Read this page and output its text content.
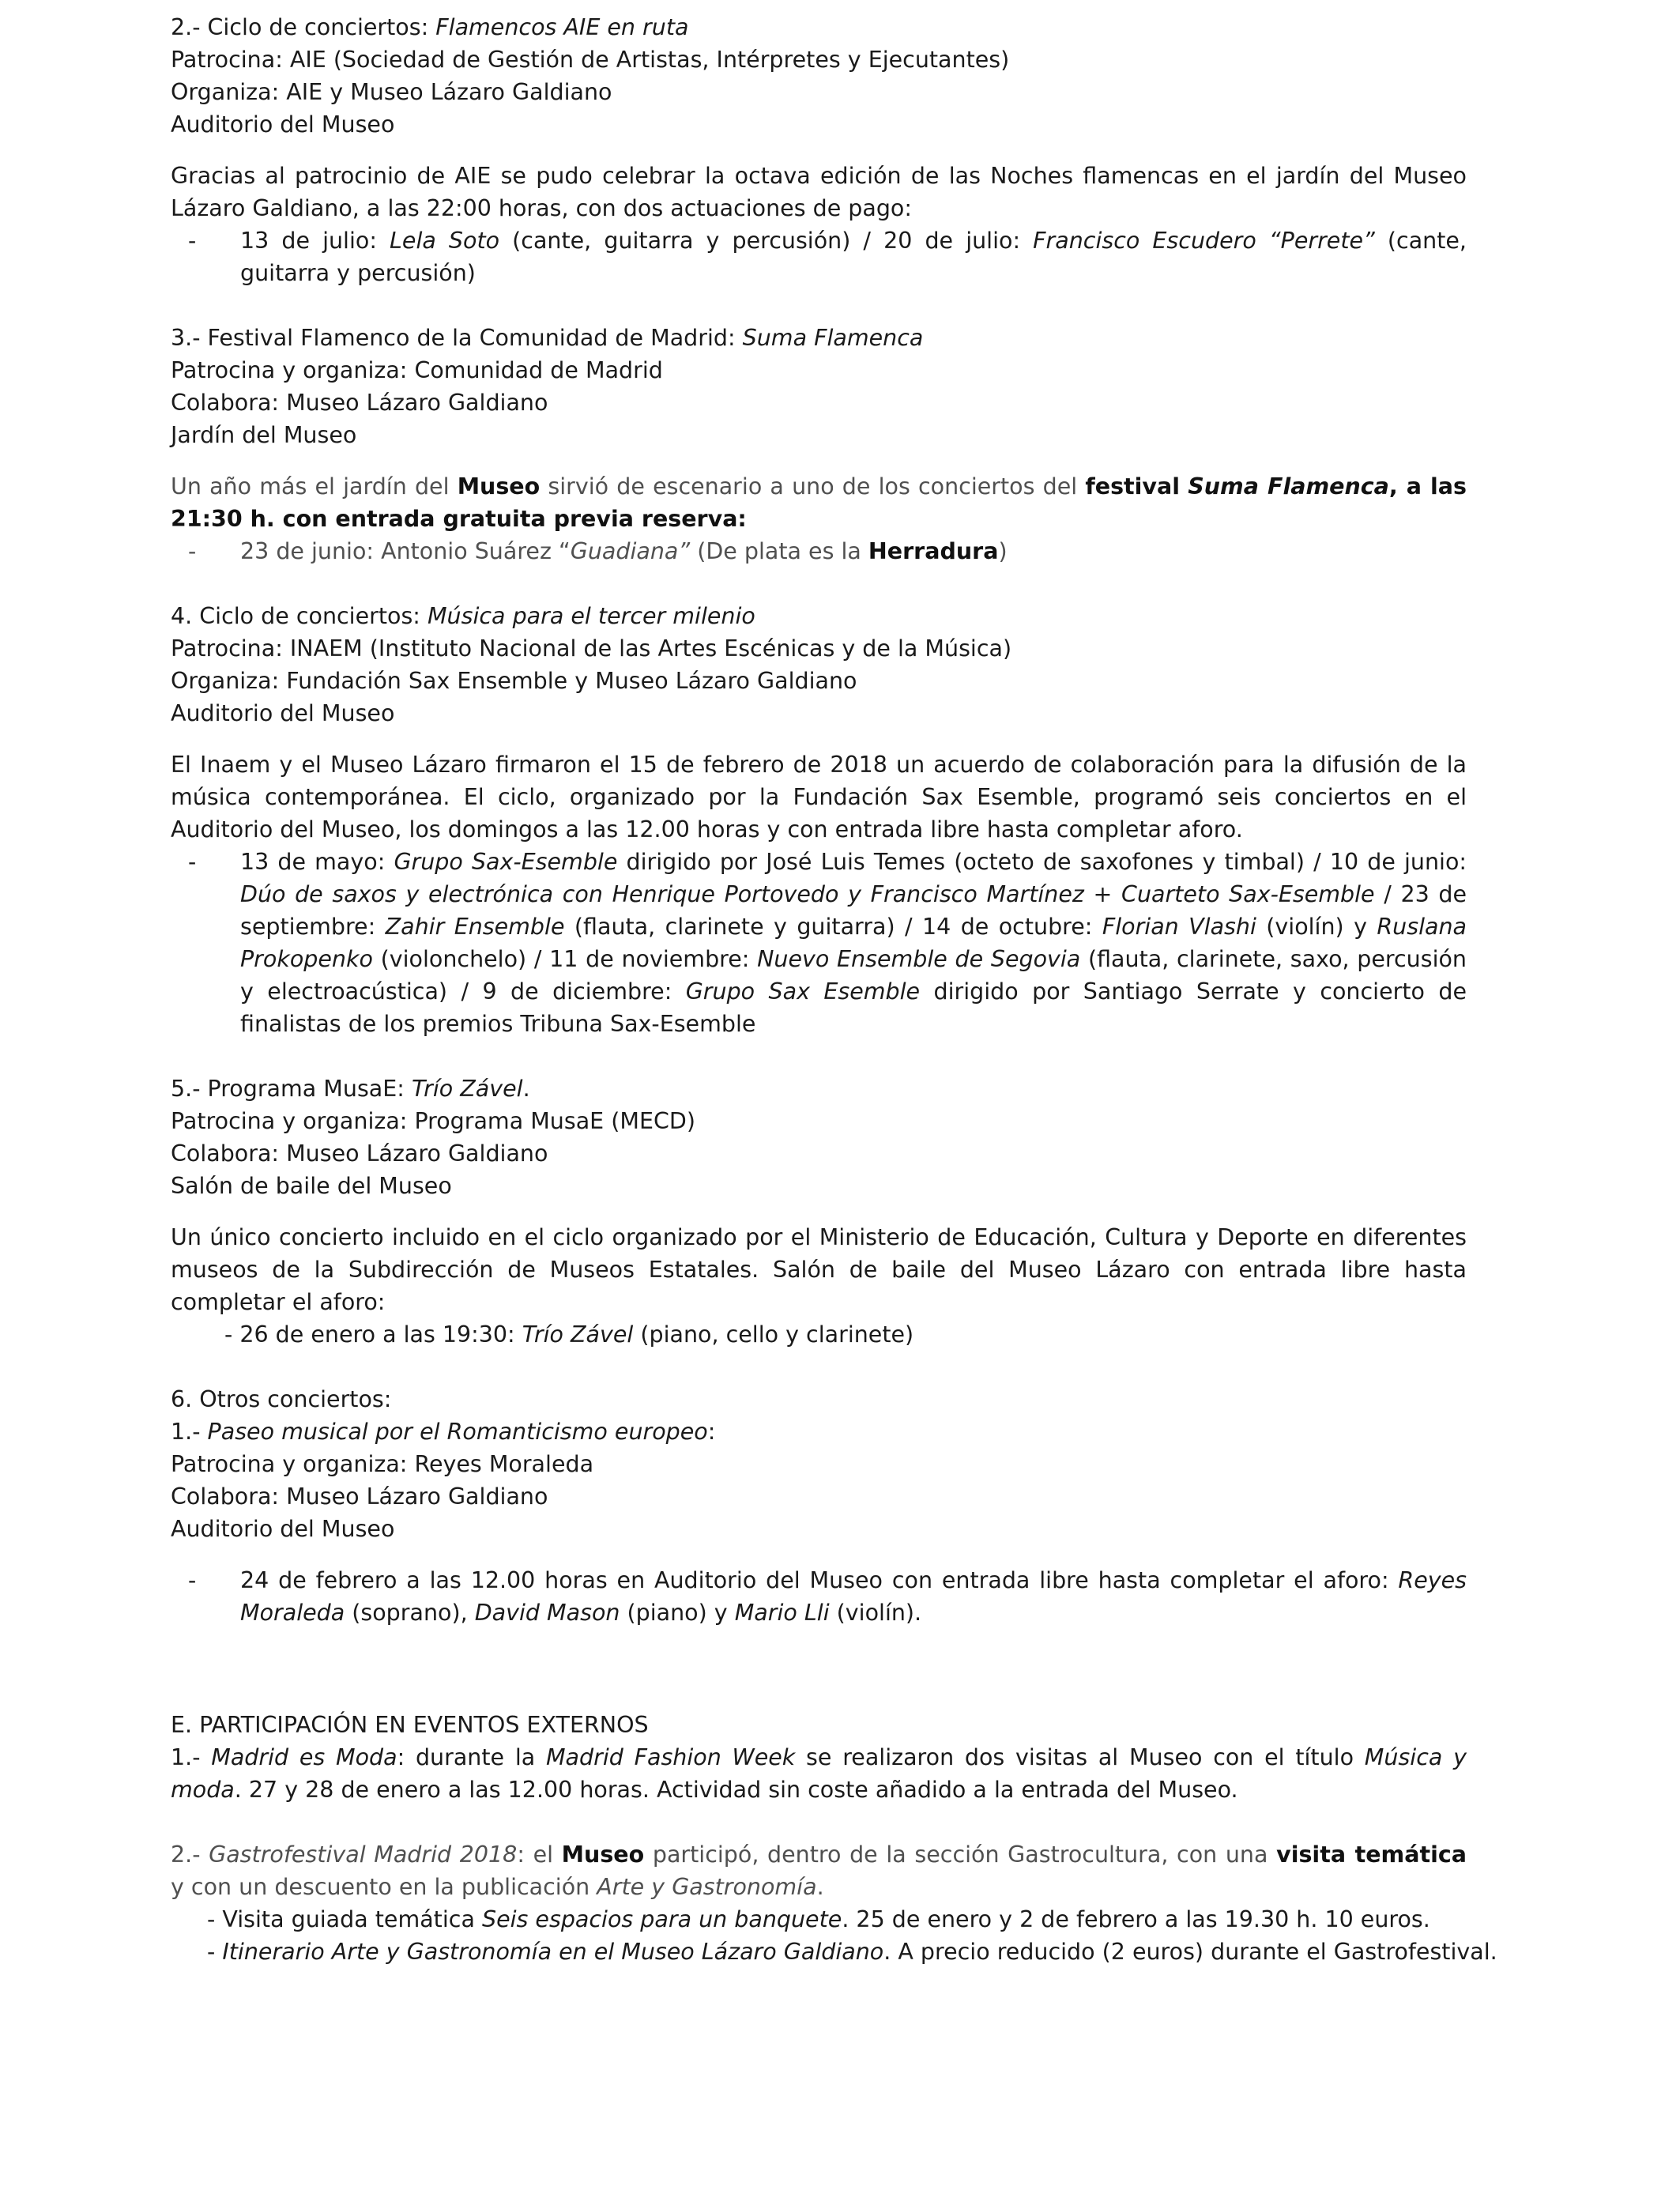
2.- Ciclo de conciertos: Flamencos AIE en ruta
Patrocina: AIE (Sociedad de Gestión de Artistas, Intérpretes y Ejecutantes)
Organiza: AIE y Museo Lázaro Galdiano
Auditorio del Museo
Gracias al patrocinio de AIE se pudo celebrar la octava edición de las Noches flamencas en el jardín del Museo Lázaro Galdiano, a las 22:00 horas, con dos actuaciones de pago:
- 13 de julio: Lela Soto (cante, guitarra y percusión) / 20 de julio: Francisco Escudero “Perrete” (cante, guitarra y percusión)
3.- Festival Flamenco de la Comunidad de Madrid: Suma Flamenca
Patrocina y organiza: Comunidad de Madrid
Colabora: Museo Lázaro Galdiano
Jardín del Museo
Un año más el jardín del Museo sirvió de escenario a uno de los conciertos del festival Suma Flamenca, a las 21:30 h. con entrada gratuita previa reserva:
- 23 de junio: Antonio Suárez “Guadiana” (De plata es la Herradura)
4. Ciclo de conciertos: Música para el tercer milenio
Patrocina: INAEM (Instituto Nacional de las Artes Escénicas y de la Música)
Organiza: Fundación Sax Ensemble y Museo Lázaro Galdiano
Auditorio del Museo
El Inaem y el Museo Lázaro firmaron el 15 de febrero de 2018 un acuerdo de colaboración para la difusión de la música contemporánea. El ciclo, organizado por la Fundación Sax Esemble, programó seis conciertos en el Auditorio del Museo, los domingos a las 12.00 horas y con entrada libre hasta completar aforo.
- 13 de mayo: Grupo Sax-Esemble dirigido por José Luis Temes (octeto de saxofones y timbal) / 10 de junio: Dúo de saxos y electrónica con Henrique Portovedo y Francisco Martínez + Cuarteto Sax-Esemble / 23 de septiembre: Zahir Ensemble (flauta, clarinete y guitarra) / 14 de octubre: Florian Vlashi (violín) y Ruslana Prokopenko (violonchelo) / 11 de noviembre: Nuevo Ensemble de Segovia (flauta, clarinete, saxo, percusión y electroacústica) / 9 de diciembre: Grupo Sax Esemble dirigido por Santiago Serrate y concierto de finalistas de los premios Tribuna Sax-Esemble
5.- Programa MusaE: Trío Zável.
Patrocina y organiza: Programa MusaE (MECD)
Colabora: Museo Lázaro Galdiano
Salón de baile del Museo
Un único concierto incluido en el ciclo organizado por el Ministerio de Educación, Cultura y Deporte en diferentes museos de la Subdirección de Museos Estatales. Salón de baile del Museo Lázaro con entrada libre hasta completar el aforo:
- 26 de enero a las 19:30: Trío Zável (piano, cello y clarinete)
6. Otros conciertos:
1.- Paseo musical por el Romanticismo europeo:
Patrocina y organiza: Reyes Moraleda
Colabora: Museo Lázaro Galdiano
Auditorio del Museo
- 24 de febrero a las 12.00 horas en Auditorio del Museo con entrada libre hasta completar el aforo: Reyes Moraleda (soprano), David Mason (piano) y Mario Lli (violín).
E. PARTICIPACIÓN EN EVENTOS EXTERNOS
1.- Madrid es Moda: durante la Madrid Fashion Week se realizaron dos visitas al Museo con el título Música y moda. 27 y 28 de enero a las 12.00 horas. Actividad sin coste añadido a la entrada del Museo.
2.- Gastrofestival Madrid 2018: el Museo participó, dentro de la sección Gastrocultura, con una visita temática y con un descuento en la publicación Arte y Gastronomía.
- Visita guiada temática Seis espacios para un banquete. 25 de enero y 2 de febrero a las 19.30 h. 10 euros.
- Itinerario Arte y Gastronomía en el Museo Lázaro Galdiano. A precio reducido (2 euros) durante el Gastrofestival.
